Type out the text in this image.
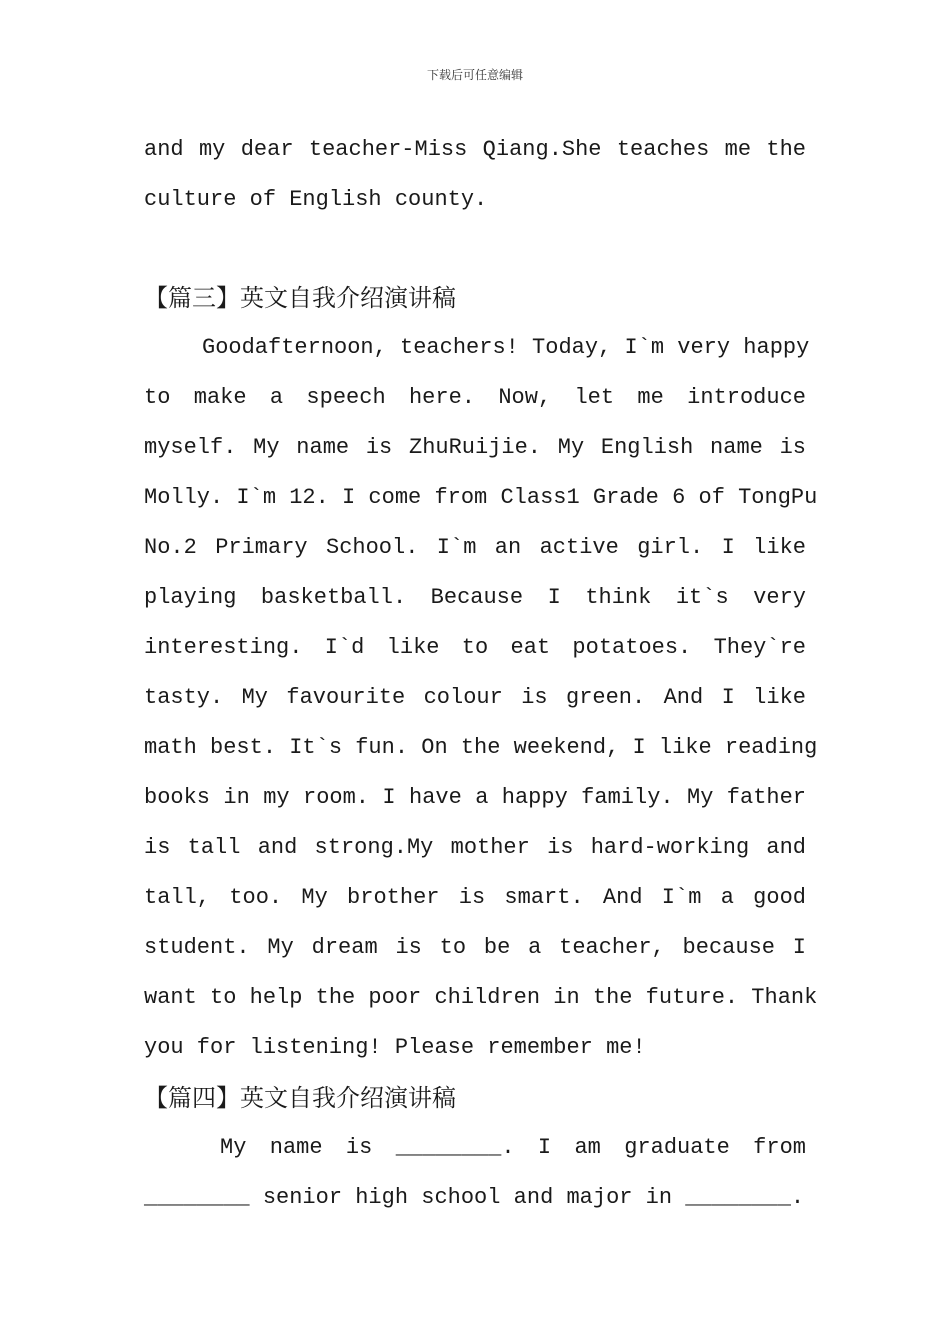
下载后可任意编辑
and my dear teacher-Miss Qiang.She teaches me the
culture of English county.
【篇三】英文自我介绍演讲稿
Goodafternoon, teachers! Today, I`m very happy
to make a speech here. Now, let me introduce
myself. My name is ZhuRuijie. My English name is
Molly. I`m 12. I come from Class1 Grade 6 of TongPu
No.2 Primary School. I`m an active girl. I like
playing basketball. Because I think it`s very
interesting. I`d like to eat potatoes. They`re
tasty. My favourite colour is green. And I like
math best. It`s fun. On the weekend, I like reading
books in my room. I have a happy family. My father
is tall and strong.My mother is hard-working and
tall, too. My brother is smart. And I`m a good
student. My dream is to be a teacher, because I
want to help the poor children in the future. Thank
you for listening! Please remember me!
【篇四】英文自我介绍演讲稿
My name is ________. I am graduate from
________ senior high school and major in ________.
